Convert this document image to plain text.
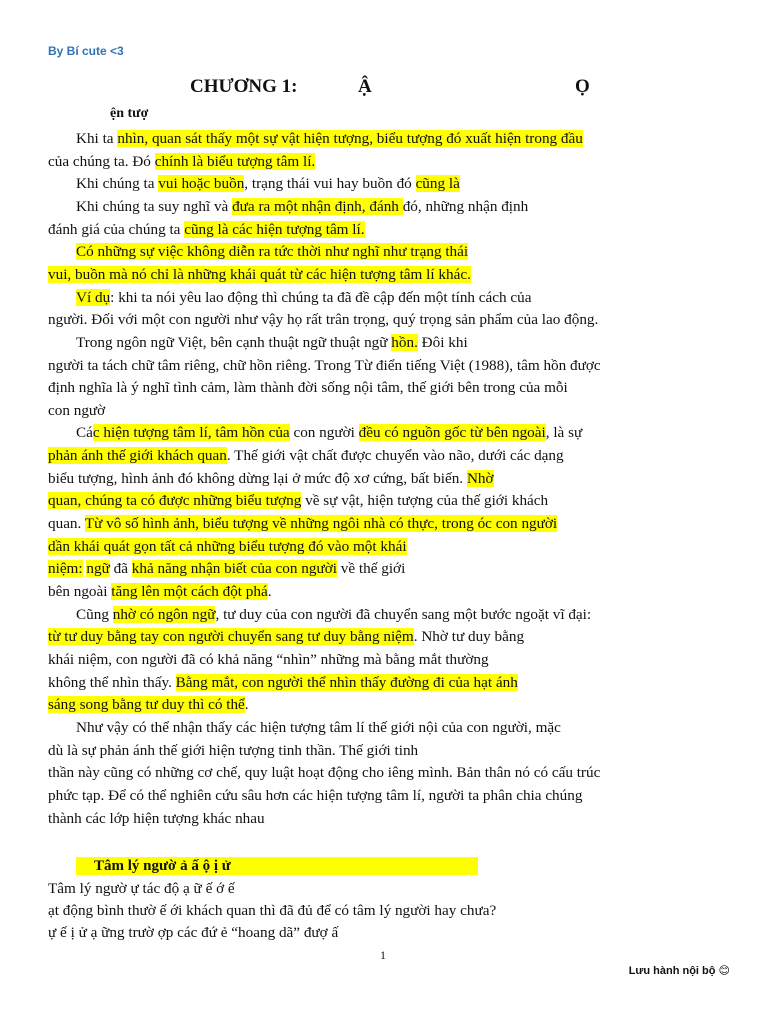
By Bí cute <3
CHƯƠNG 1:	Ậ	Ọ
ện tượ
Khi ta nhìn, quan sát thấy một sự vật hiện tượng, biểu tượng đó xuất hiện trong đầu
của chúng ta. Đó chính là biểu tượng tâm lí.
Khi chúng ta vui hoặc buồn, trạng thái vui hay buồn đó cũng là
Khi chúng ta suy nghĩ và đưa ra một nhận định, đánh đó, những nhận định
đánh giá của chúng ta cũng là các hiện tượng tâm lí.
Có những sự việc không diễn ra tức thời như nghĩ như trạng thái
vui, buồn mà nó chỉ là những khái quát từ các hiện tượng tâm lí khác.
Ví dụ: khi ta nói yêu lao động thì chúng ta đã đề cập đến một tính cách của
người. Đối với một con người như vậy họ rất trân trọng, quý trọng sản phẩm của lao động.
Trong ngôn ngữ Việt, bên cạnh thuật ngữ thuật ngữ hồn. Đôi khi
người ta tách chữ tâm riêng, chữ hồn riêng. Trong Từ điển tiếng Việt (1988), tâm hồn được
định nghĩa là ý nghĩ tình cảm, làm thành đời sống nội tâm, thế giới bên trong của mỗi
con ngườ
Các hiện tượng tâm lí, tâm hồn của con người đều có nguồn gốc từ bên ngoài, là sự
phản ánh thế giới khách quan. Thế giới vật chất được chuyển vào não, dưới các dạng
biểu tượng, hình ảnh đó không dừng lại ở mức độ xơ cứng, bất biến. Nhờ
quan, chúng ta có được những biểu tượng về sự vật, hiện tượng của thế giới khách
quan. Từ vô số hình ảnh, biểu tượng về những ngôi nhà có thực, trong óc con người
dần khái quát gọn tất cả những biểu tượng đó vào một khái
niệm: ngữ đã khả năng nhận biết của con người về thế giới
bên ngoài tăng lên một cách đột phá.
Cũng nhờ có ngôn ngữ, tư duy của con người đã chuyển sang một bước ngoặt vĩ đại:
từ tư duy bằng tay con người chuyển sang tư duy bằng niệm. Nhờ tư duy bằng
khái niệm, con người đã có khả năng “nhìn” những mà bằng mắt thường
không thể nhìn thấy. Bằng mắt, con người thể nhìn thấy đường đi của hạt ánh
sáng song bằng tư duy thì có thể.
Như vậy có thể nhận thấy các hiện tượng tâm lí thế giới nội của con người, mặc
dù là sự phản ánh thế giới hiện tượng tinh thần. Thế giới tinh
thần này cũng có những cơ chế, quy luật hoạt động cho iêng mình. Bản thân nó có cấu trúc
phức tạp. Để có thể nghiên cứu sâu hơn các hiện tượng tâm lí, người ta phân chia chúng
thành các lớp hiện tượng khác nhau
Tâm lý ngườ ả ấ ộ ị ử
Tâm lý ngườ ự tác độ ạ ữ ế ớ ế
ạt động bình thườ ế ới khách quan thì đã đủ để có tâm lý người hay chưa?
ự ế ị ử ạ ững trườ ợp các đứ ẻ “hoang dã” đượ ấ
1
Lưu hành nội bộ 😊
